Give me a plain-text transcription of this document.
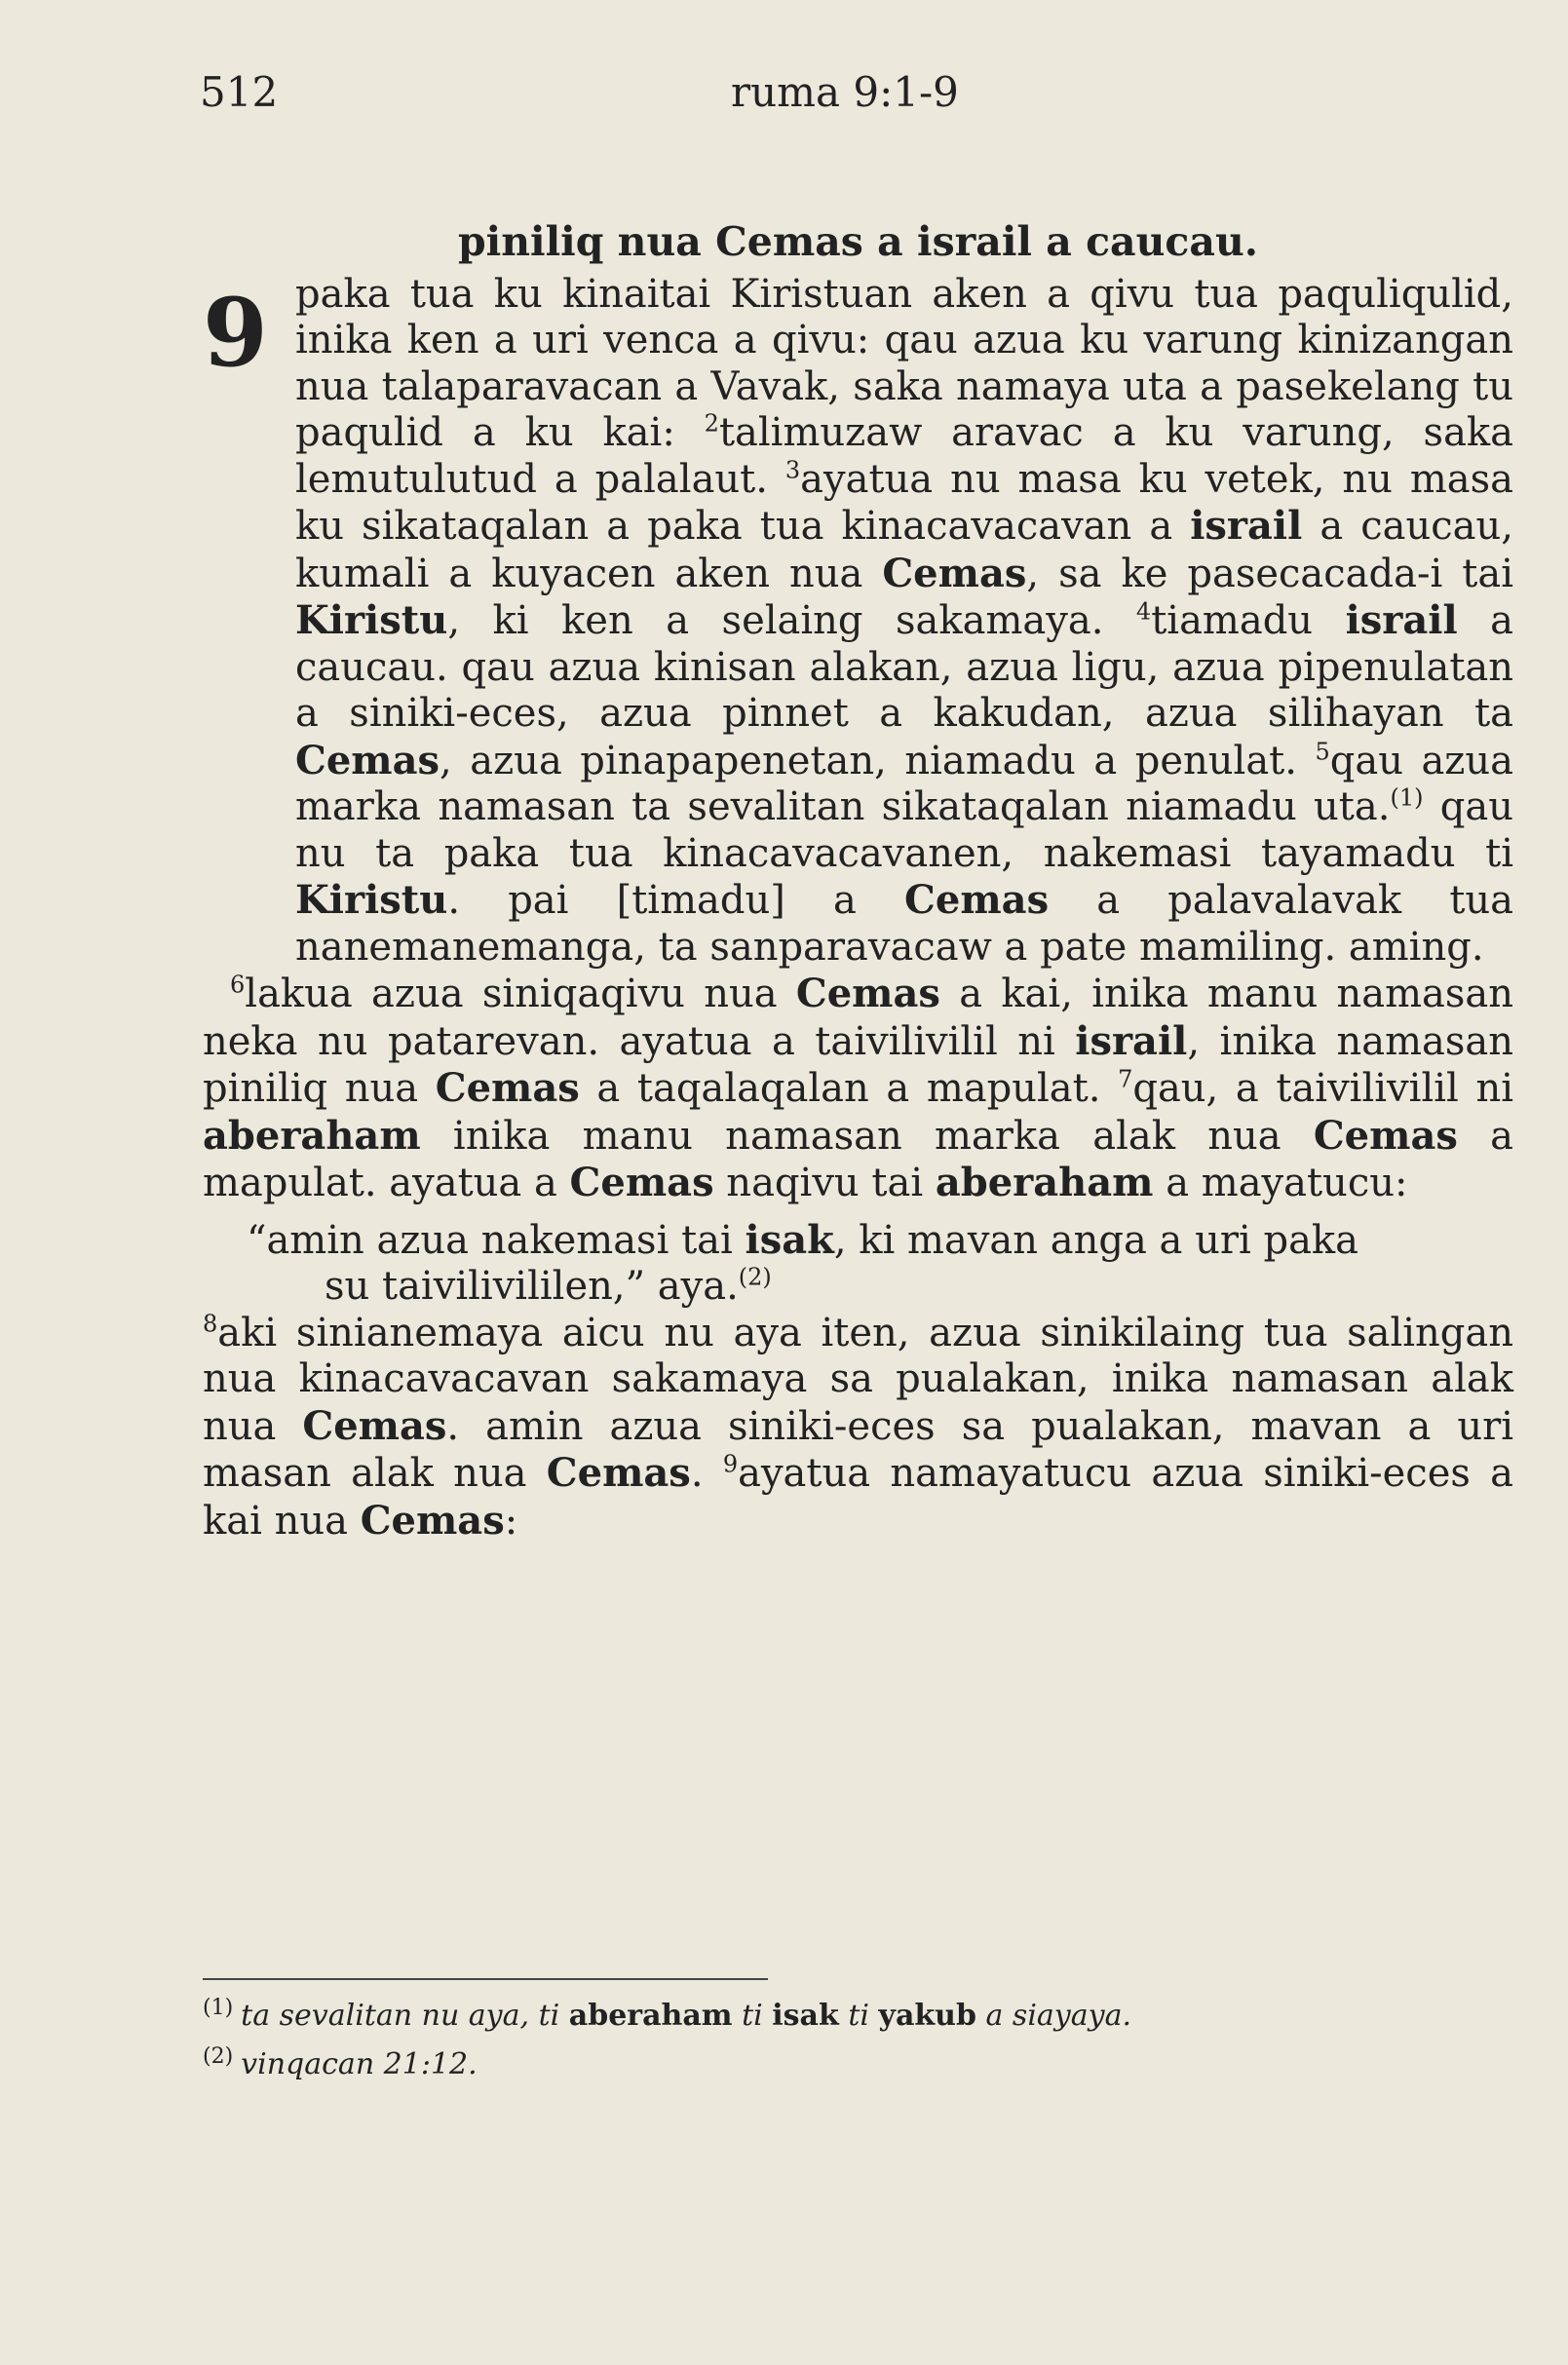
512	ruma 9:1-9
piniliq nua Cemas a israil a caucau.
9 paka tua ku kinaitai Kiristuan aken a qivu tua paquliqulid, inika ken a uri venca a qivu: qau azua ku varung kinizangan nua talaparavacan a Vavak, saka namaya uta a pasekelang tu paqulid a ku kai: $^2$talimuzaw aravac a ku varung, saka lemutulutud a palalaut. $^3$ayatua nu masa ku vetek, nu masa ku sikataqalan a paka tua kinacavacavan a israil a caucau, kumali a kuyacen aken nua Cemas, sa ke pasecacada-i tai Kiristu, ki ken a selaing sakamaya. $^4$tiamadu israil a caucau. qau azua kinisan alakan, azua ligu, azua pipenulatan a siniki-eces, azua pinnet a kakudan, azua silihayan ta Cemas, azua pinapapenetan, niamadu a penulat. $^5$qau azua marka namasan ta sevalitan sikataqalan niamadu uta.$^{(1)}$ qau nu ta paka tua kinacavacavanen, nakemasi tayamadu ti Kiristu. pai [timadu] a Cemas a palavalavak tua nanemanemanga, ta sanparavacaw a pate mamiling. aming.

$^6$lakua azua siniqaqivu nua Cemas a kai, inika manu namasan neka nu patarevan. ayatua a taivilivilil ni israil, inika namasan piniliq nua Cemas a taqalaqalan a mapulat. $^7$qau, a taivilivilil ni aberaham inika manu namasan marka alak nua Cemas a mapulat. ayatua a Cemas naqivu tai aberaham a mayatucu:

“amin azua nakemasi tai isak, ki mavan anga a uri paka
su taivilivililen,” aya.$^{(2)}$

$^8$aki sinianemaya aicu nu aya iten, azua sinikilaing tua salingan nua kinacavacavan sakamaya sa pualakan, inika namasan alak nua Cemas. amin azua siniki-eces sa pualakan, mavan a uri masan alak nua Cemas. $^9$ayatua namayatucu azua siniki-eces a kai nua Cemas:

$^{(1)}$ ta sevalitan nu aya, ti aberaham ti isak ti yakub a siayaya.
$^{(2)}$ vinqacan 21:12.
